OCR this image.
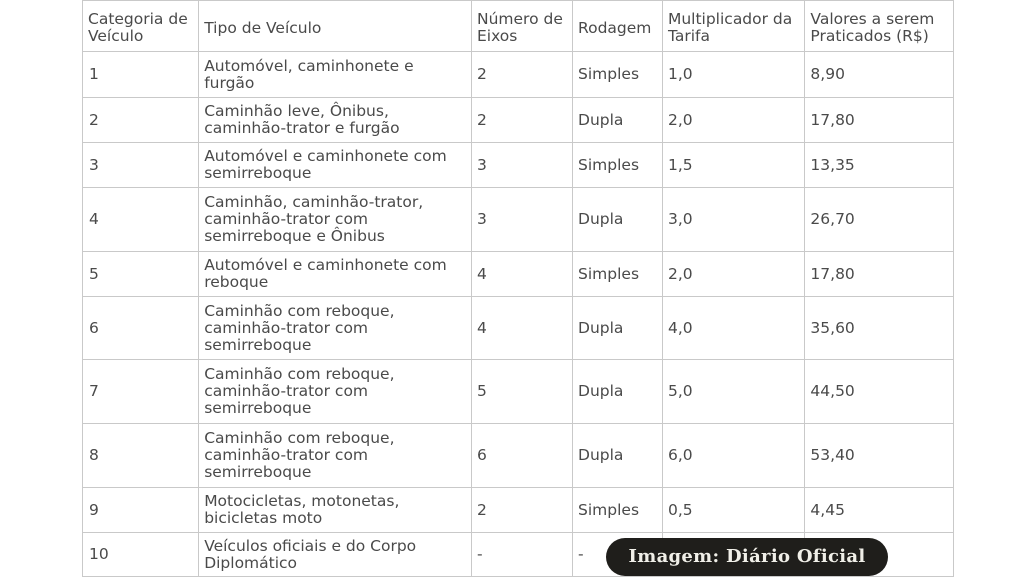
Categoria de Veículo	Tipo de Veículo	Número de Eixos	Rodagem	Multiplicador da Tarifa	Valores a serem Praticados (R$)
1	Automóvel, caminhonete e furgão	2	Simples	1,0	8,90
2	Caminhão leve, Ônibus, caminhão-trator e furgão	2	Dupla	2,0	17,80
3	Automóvel e caminhonete com semirreboque	3	Simples	1,5	13,35
4	Caminhão, caminhão-trator, caminhão-trator com semirreboque e Ônibus	3	Dupla	3,0	26,70
5	Automóvel e caminhonete com reboque	4	Simples	2,0	17,80
6	Caminhão com reboque, caminhão-trator com semirreboque	4	Dupla	4,0	35,60
7	Caminhão com reboque, caminhão-trator com semirreboque	5	Dupla	5,0	44,50
8	Caminhão com reboque, caminhão-trator com semirreboque	6	Dupla	6,0	53,40
9	Motocicletas, motonetas, bicicletas moto	2	Simples	0,5	4,45
10	Veículos oficiais e do Corpo Diplomático	-	-			Imagem: Diário Oficial
